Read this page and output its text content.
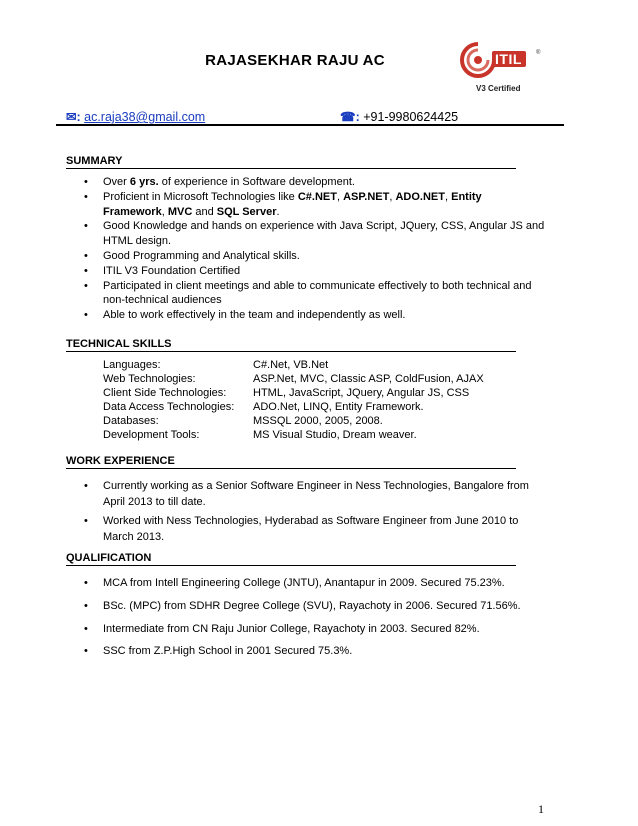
RAJASEKHAR RAJU AC	ITIL	®
V3 Certified
✉: ac.raja38@gmail.com	☎: +91-9980624425
SUMMARY
• Over 6 yrs. of experience in Software development.
• Proficient in Microsoft Technologies like C#.NET, ASP.NET, ADO.NET, Entity Framework, MVC and SQL Server.
• Good Knowledge and hands on experience with Java Script, JQuery, CSS, Angular JS and HTML design.
• Good Programming and Analytical skills.
• ITIL V3 Foundation Certified
• Participated in client meetings and able to communicate effectively to both technical and non-technical audiences
• Able to work effectively in the team and independently as well.
TECHNICAL SKILLS
Languages:	C#.Net, VB.Net
Web Technologies:	ASP.Net, MVC, Classic ASP, ColdFusion, AJAX
Client Side Technologies:	HTML, JavaScript, JQuery, Angular JS, CSS
Data Access Technologies:	ADO.Net, LINQ, Entity Framework.
Databases:	MSSQL 2000, 2005, 2008.
Development Tools:	MS Visual Studio, Dream weaver.
WORK EXPERIENCE
• Currently working as a Senior Software Engineer in Ness Technologies, Bangalore from April 2013 to till date.
• Worked with Ness Technologies, Hyderabad as Software Engineer from June 2010 to March 2013.
QUALIFICATION
• MCA from Intell Engineering College (JNTU), Anantapur in 2009. Secured 75.23%.
• BSc. (MPC) from SDHR Degree College (SVU), Rayachoty in 2006. Secured 71.56%.
• Intermediate from CN Raju Junior College, Rayachoty in 2003. Secured 82%.
• SSC from Z.P.High School in 2001 Secured 75.3%.
1
